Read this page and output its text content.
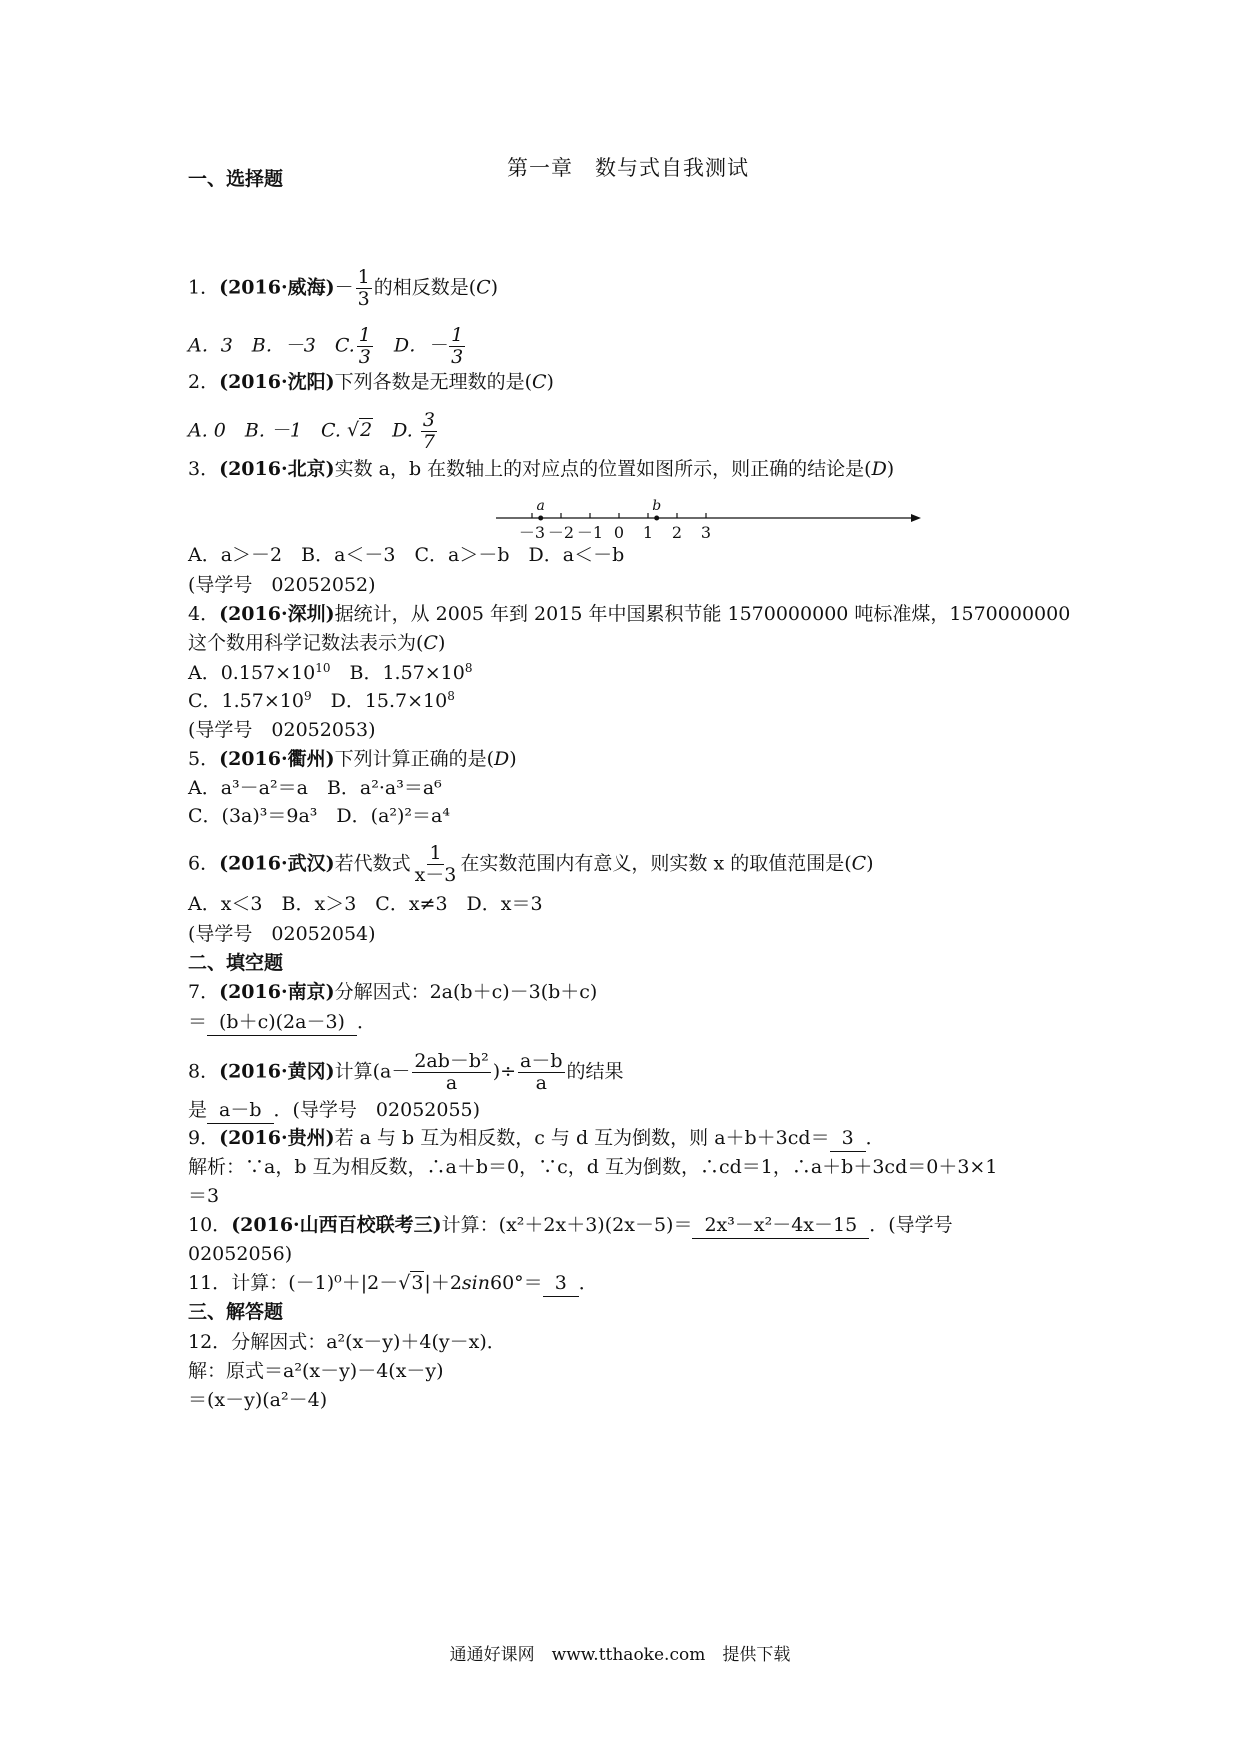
第一章　数与式自我测试
一、选择题
1．(2016·威海)－ $\frac{1}{3}$ 的相反数是(C)
A．3　B．－3　C. $\frac{1}{3}$ 　D．－ $\frac{1}{3}$
2．(2016·沈阳)下列各数是无理数的是(C)
A. 0　B. －1　C. √2　D. $\frac{3}{7}$
3．(2016·北京)实数 a，b 在数轴上的对应点的位置如图所示，则正确的结论是(D)
－3 －2 －1 0 1 2 3
a	b
A．a＞－2　B．a＜－3　C．a＞－b　D．a＜－b
(导学号　02052052)
4．(2016·深圳)据统计，从 2005 年到 2015 年中国累积节能 1570000000 吨标准煤，1570000000
这个数用科学记数法表示为(C)
A．$0.157\times 10^{10}$　B．$1.57\times 10^8$
C．$1.57\times 10^9$　D．$15.7\times 10^8$
(导学号　02052053)
5．(2016·衢州)下列计算正确的是(D)
A．a³－a²＝a　B．a²·a³＝a⁶
C．(3a)³＝9a³　D．(a²)²＝a⁴
6．(2016·武汉)若代数式 $\frac{1}{x-3}$ 在实数范围内有意义，则实数 x 的取值范围是(C)
A．x＜3　B．x＞3　C．x≠3　D．x＝3
(导学号　02052054)
二、填空题
7．(2016·南京)分解因式：2a(b＋c)－3(b＋c)
＝ (b＋c)(2a－3) ．
8．(2016·黄冈)计算($a- \frac{\text{2ab－b²}}{a}$ )÷ $\frac{a-b}{a}$ 的结果
是 a－b ．(导学号　02052055)
9．(2016·贵州)若 a 与 b 互为相反数，c 与 d 互为倒数，则 a＋b＋3cd＝ 3 ．
解析：∵a，b 互为相反数，∴a＋b＝0，∵c，d 互为倒数，∴cd＝1，∴a＋b＋3cd＝0＋3×1
＝3
10．(2016·山西百校联考三)计算：(x²＋2x＋3)(2x－5)＝ 2x³－x²－4x－15 ．(导学号
02052056)
11．计算：(－1)⁰＋|2－√3|＋2sin60°＝ 3 ．
三、解答题
12．分解因式：a²(x－y)＋4(y－x)．
解：原式＝a²(x－y)－4(x－y)
＝(x－y)(a²－4)
通通好课网　www.tthaoke.com　提供下载
